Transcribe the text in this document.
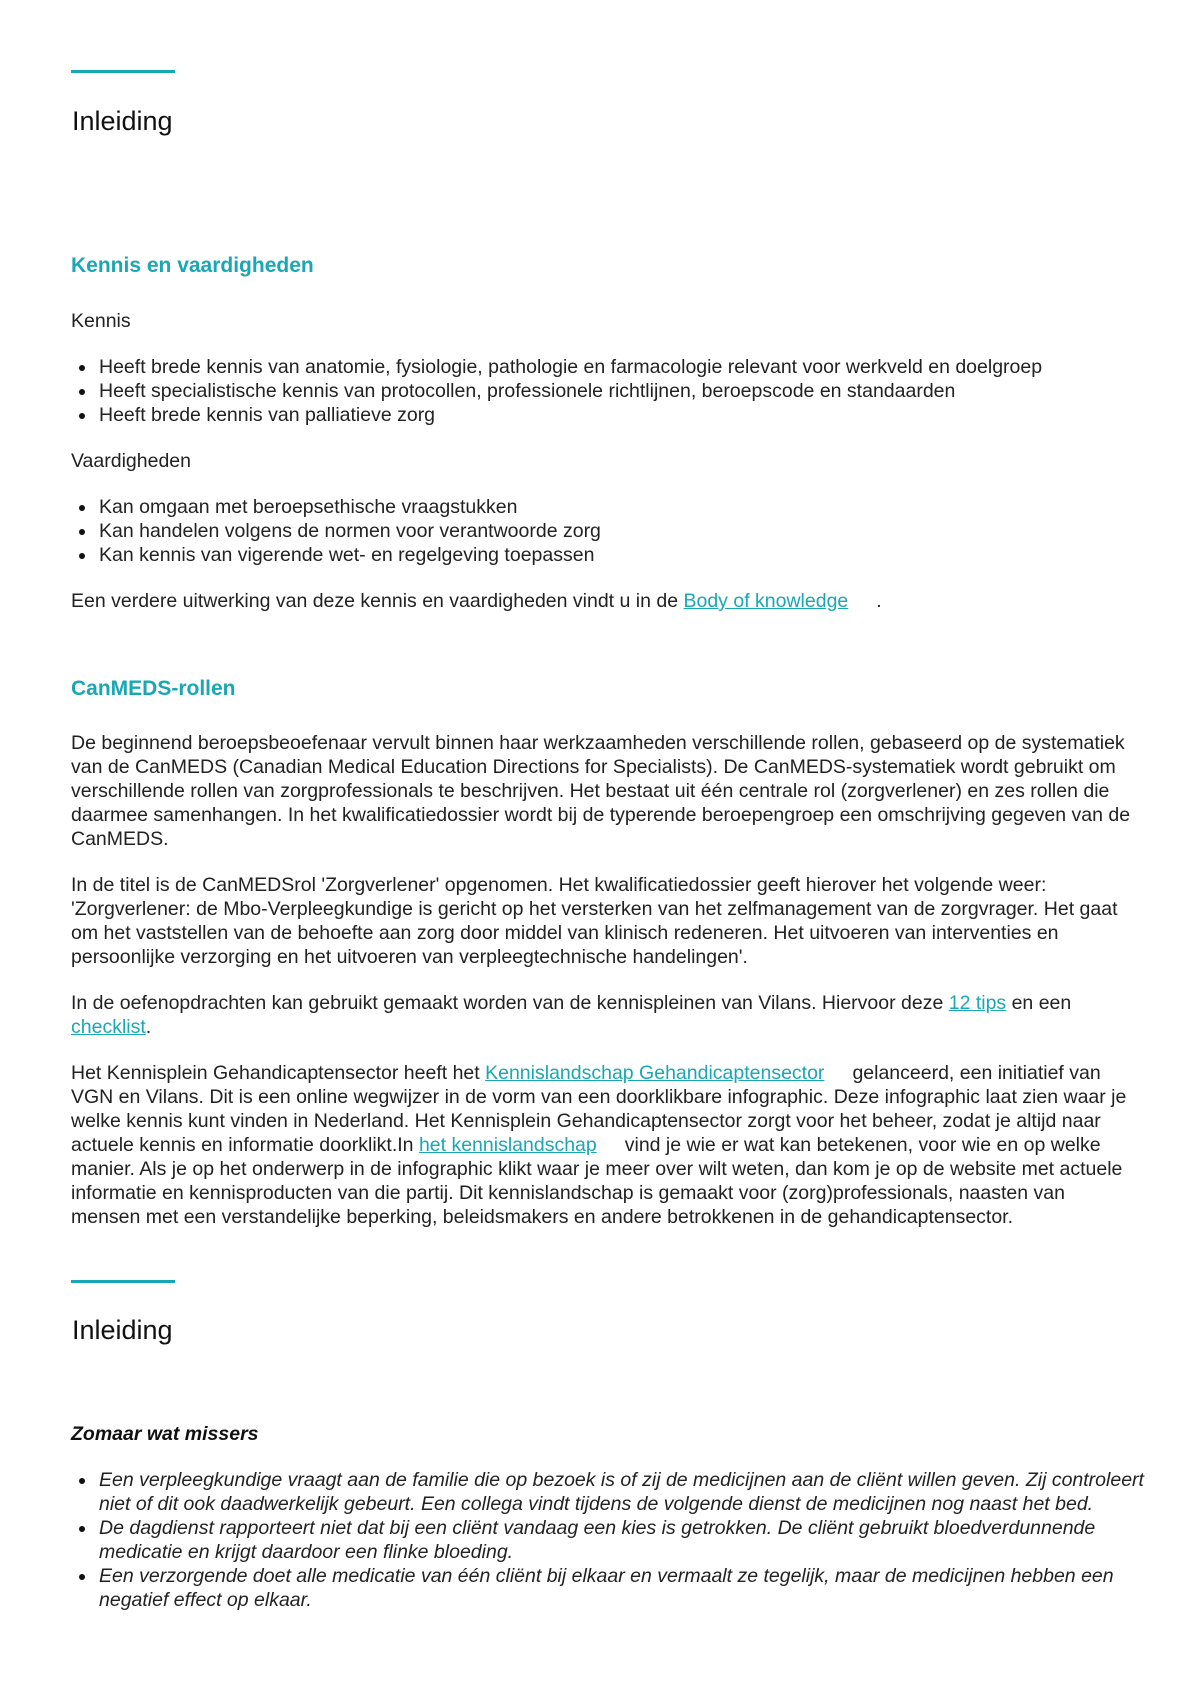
Inleiding
Kennis en vaardigheden

Kennis

Heeft brede kennis van anatomie, fysiologie, pathologie en farmacologie relevant voor werkveld en doelgroep
Heeft specialistische kennis van protocollen, professionele richtlijnen, beroepscode en standaarden
Heeft brede kennis van palliatieve zorg

Vaardigheden

Kan omgaan met beroepsethische vraagstukken
Kan handelen volgens de normen voor verantwoorde zorg
Kan kennis van vigerende wet- en regelgeving toepassen

Een verdere uitwerking van deze kennis en vaardigheden vindt u in de Body of knowledge .

CanMEDS-rollen

De beginnend beroepsbeoefenaar vervult binnen haar werkzaamheden verschillende rollen, gebaseerd op de systematiek van de CanMEDS (Canadian Medical Education Directions for Specialists). De CanMEDS-systematiek wordt gebruikt om verschillende rollen van zorgprofessionals te beschrijven. Het bestaat uit één centrale rol (zorgverlener) en zes rollen die daarmee samenhangen. In het kwalificatiedossier wordt bij de typerende beroepengroep een omschrijving gegeven van de CanMEDS.

In de titel is de CanMEDSrol 'Zorgverlener' opgenomen. Het kwalificatiedossier geeft hierover het volgende weer: 'Zorgverlener: de Mbo-Verpleegkundige is gericht op het versterken van het zelfmanagement van de zorgvrager. Het gaat om het vaststellen van de behoefte aan zorg door middel van klinisch redeneren. Het uitvoeren van interventies en persoonlijke verzorging en het uitvoeren van verpleegtechnische handelingen'.

In de oefenopdrachten kan gebruikt gemaakt worden van de kennispleinen van Vilans. Hiervoor deze 12 tips en een checklist.

Het Kennisplein Gehandicaptensector heeft het Kennislandschap Gehandicaptensector gelanceerd, een initiatief van VGN en Vilans. Dit is een online wegwijzer in de vorm van een doorklikbare infographic. Deze infographic laat zien waar je welke kennis kunt vinden in Nederland. Het Kennisplein Gehandicaptensector zorgt voor het beheer, zodat je altijd naar actuele kennis en informatie doorklikt.In het kennislandschap vind je wie er wat kan betekenen, voor wie en op welke manier. Als je op het onderwerp in de infographic klikt waar je meer over wilt weten, dan kom je op de website met actuele informatie en kennisproducten van die partij. Dit kennislandschap is gemaakt voor (zorg)professionals, naasten van mensen met een verstandelijke beperking, beleidsmakers en andere betrokkenen in de gehandicaptensector.

Inleiding

Zomaar wat missers

Een verpleegkundige vraagt aan de familie die op bezoek is of zij de medicijnen aan de cliënt willen geven. Zij controleert niet of dit ook daadwerkelijk gebeurt. Een collega vindt tijdens de volgende dienst de medicijnen nog naast het bed.
De dagdienst rapporteert niet dat bij een cliënt vandaag een kies is getrokken. De cliënt gebruikt bloedverdunnende medicatie en krijgt daardoor een flinke bloeding.
Een verzorgende doet alle medicatie van één cliënt bij elkaar en vermaalt ze tegelijk, maar de medicijnen hebben een negatief effect op elkaar.
